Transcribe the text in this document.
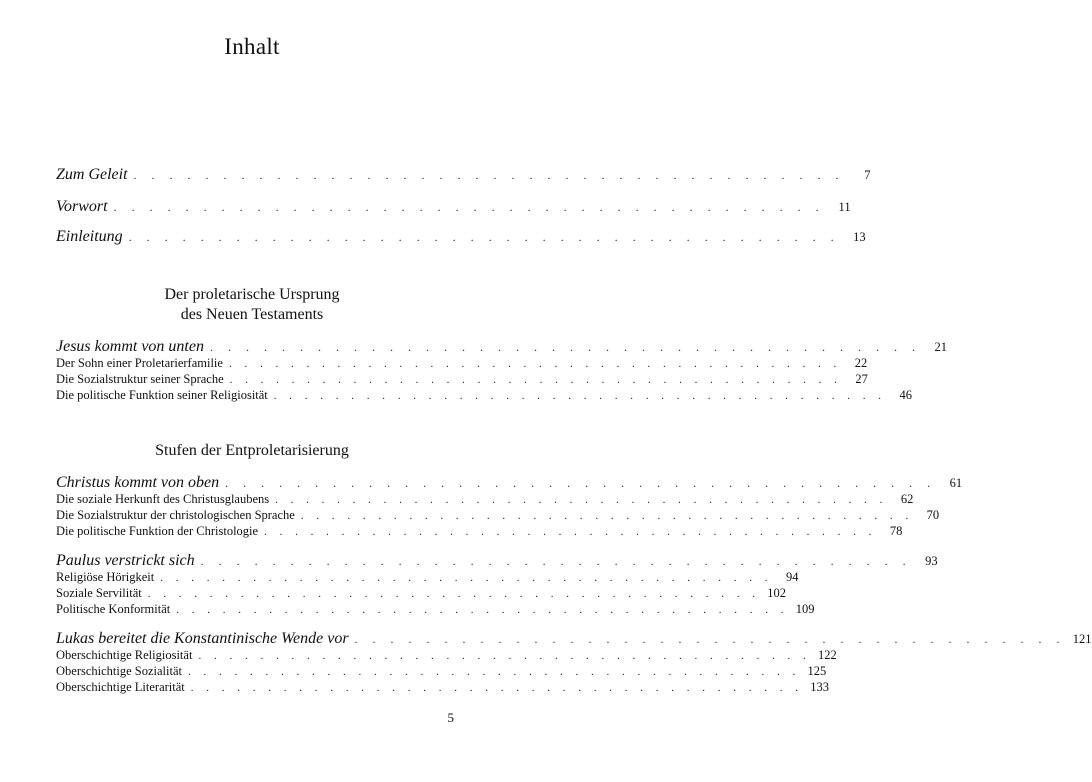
Inhalt
Zum Geleit . . . . . . . . . . . . . . . . . . . . . . . . . . . . . . . . . . . . . . . .	7
Vorwort . . . . . . . . . . . . . . . . . . . . . . . . . . . . . . . . . . . . . . . .	11
Einleitung . . . . . . . . . . . . . . . . . . . . . . . . . . . . . . . . . . . . . . . .	13
Der proletarische Ursprung
des Neuen Testaments
Jesus kommt von unten . . . . . . . . . . . . . . . . . . . . . . . . . . . . . . . . . . . . . . . .	21
Der Sohn einer Proletarierfamilie . . . . . . . . . . . . . . . . . . . . . . . . . . . . . . . . . . . . . . . .	22
Die Sozialstruktur seiner Sprache . . . . . . . . . . . . . . . . . . . . . . . . . . . . . . . . . . . . . . . .	27
Die politische Funktion seiner Religiosität . . . . . . . . . . . . . . . . . . . . . . . . . . . . . . . . . . . . . . . .	46
Stufen der Entproletarisierung
Christus kommt von oben . . . . . . . . . . . . . . . . . . . . . . . . . . . . . . . . . . . . . . . .	61
Die soziale Herkunft des Christusglaubens . . . . . . . . . . . . . . . . . . . . . . . . . . . . . . . . . . . . . . . .	62
Die Sozialstruktur der christologischen Sprache . . . . . . . . . . . . . . . . . . . . . . . . . . . . . . . . . . . . . . . .	70
Die politische Funktion der Christologie . . . . . . . . . . . . . . . . . . . . . . . . . . . . . . . . . . . . . . . .	78
Paulus verstrickt sich . . . . . . . . . . . . . . . . . . . . . . . . . . . . . . . . . . . . . . . .	93
Religiöse Hörigkeit . . . . . . . . . . . . . . . . . . . . . . . . . . . . . . . . . . . . . . . .	94
Soziale Servilität . . . . . . . . . . . . . . . . . . . . . . . . . . . . . . . . . . . . . . . . 102
Politische Konformität . . . . . . . . . . . . . . . . . . . . . . . . . . . . . . . . . . . . . . . . 109
Lukas bereitet die Konstantinische Wende vor . . . . . . . . . . . . . . . . . . . . . . . . . . . . . . . . . . . . . . . . 121
Oberschichtige Religiosität . . . . . . . . . . . . . . . . . . . . . . . . . . . . . . . . . . . . . . . . 122
Oberschichtige Sozialität . . . . . . . . . . . . . . . . . . . . . . . . . . . . . . . . . . . . . . . . 125
Oberschichtige Literarität . . . . . . . . . . . . . . . . . . . . . . . . . . . . . . . . . . . . . . . . 133
5
